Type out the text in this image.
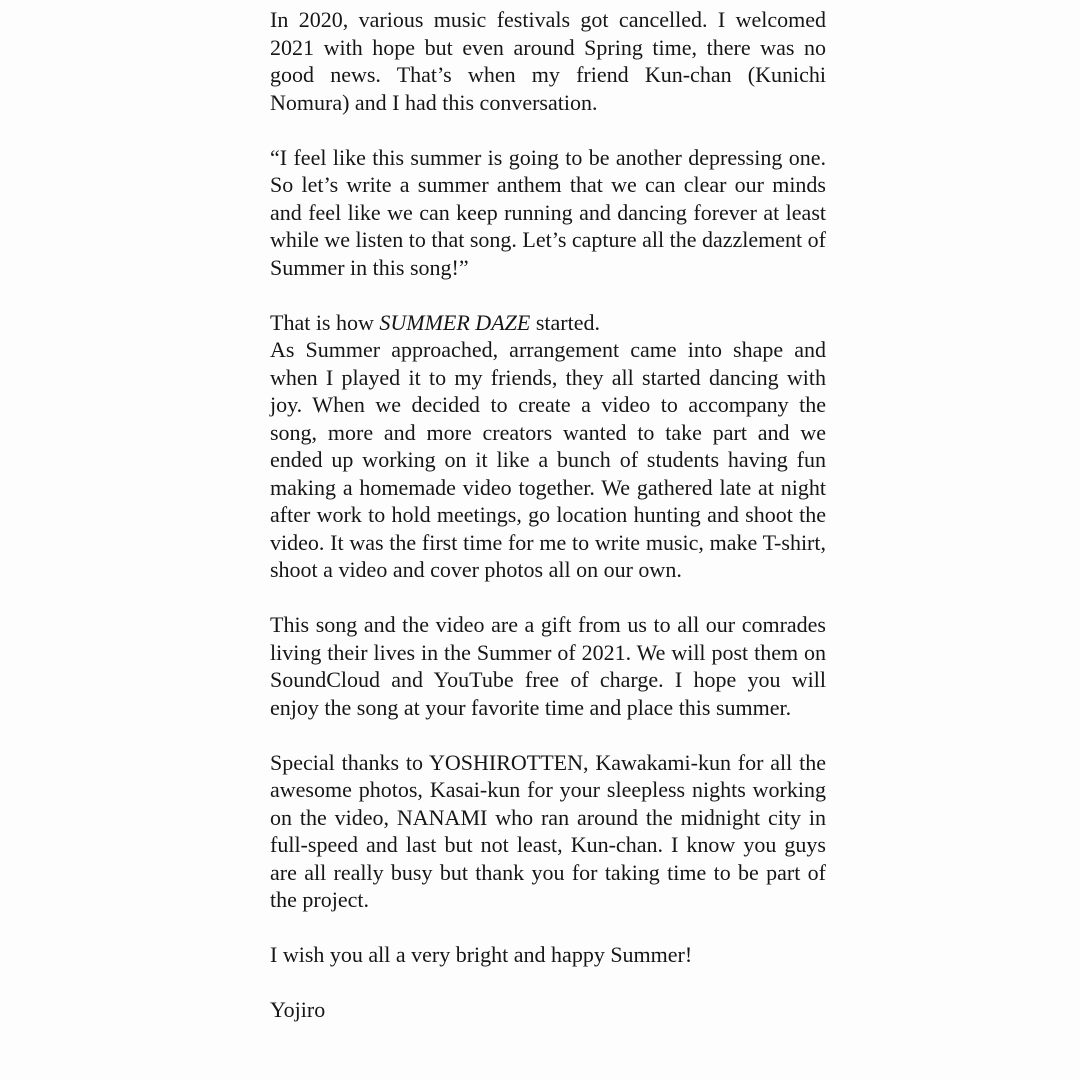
In 2020, various music festivals got cancelled. I welcomed 2021 with hope but even around Spring time, there was no good news. That’s when my friend Kun-chan (Kunichi Nomura) and I had this conversation.

“I feel like this summer is going to be another depressing one. So let’s write a summer anthem that we can clear our minds and feel like we can keep running and dancing forever at least while we listen to that song. Let’s capture all the dazzlement of Summer in this song!”

That is how SUMMER DAZE started.

As Summer approached, arrangement came into shape and when I played it to my friends, they all started dancing with joy. When we decided to create a video to accompany the song, more and more creators wanted to take part and we ended up working on it like a bunch of students having fun making a homemade video together. We gathered late at night after work to hold meetings, go location hunting and shoot the video. It was the first time for me to write music, make T-shirt, shoot a video and cover photos all on our own.

This song and the video are a gift from us to all our comrades living their lives in the Summer of 2021. We will post them on SoundCloud and YouTube free of charge. I hope you will enjoy the song at your favorite time and place this summer.

Special thanks to YOSHIROTTEN, Kawakami-kun for all the awesome photos, Kasai-kun for your sleepless nights working on the video, NANAMI who ran around the midnight city in full-speed and last but not least, Kun-chan. I know you guys are all really busy but thank you for taking time to be part of the project.

I wish you all a very bright and happy Summer!

Yojiro
